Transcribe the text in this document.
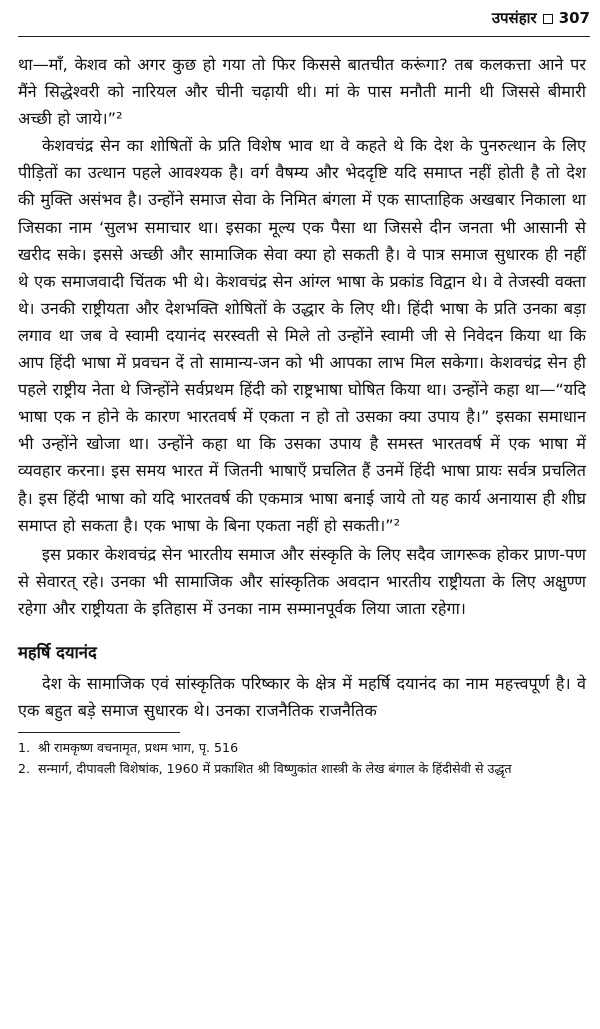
उपसंहार 307

था—माँ, केशव को अगर कुछ हो गया तो फिर किससे बातचीत करूंगा? तब कलकत्ता आने पर मैंने सिद्धेश्वरी को नारियल और चीनी चढ़ायी थी। मां के पास मनौती मानी थी जिससे बीमारी अच्छी हो जाये।”²

केशवचंद्र सेन का शोषितों के प्रति विशेष भाव था वे कहते थे कि देश के पुनरुत्थान के लिए पीड़ितों का उत्थान पहले आवश्यक है। वर्ग वैषम्य और भेददृष्टि यदि समाप्त नहीं होती है तो देश की मुक्ति असंभव है। उन्होंने समाज सेवा के निमित बंगला में एक साप्ताहिक अखबार निकाला था जिसका नाम ‘सुलभ समाचार था। इसका मूल्य एक पैसा था जिससे दीन जनता भी आसानी से खरीद सके। इससे अच्छी और सामाजिक सेवा क्या हो सकती है। वे पात्र समाज सुधारक ही नहीं थे एक समाजवादी चिंतक भी थे। केशवचंद्र सेन आंग्ल भाषा के प्रकांड विद्वान थे। वे तेजस्वी वक्ता थे। उनकी राष्ट्रीयता और देशभक्ति शोषितों के उद्धार के लिए थी। हिंदी भाषा के प्रति उनका बड़ा लगाव था जब वे स्वामी दयानंद सरस्वती से मिले तो उन्होंने स्वामी जी से निवेदन किया था कि आप हिंदी भाषा में प्रवचन दें तो सामान्य-जन को भी आपका लाभ मिल सकेगा। केशवचंद्र सेन ही पहले राष्ट्रीय नेता थे जिन्होंने सर्वप्रथम हिंदी को राष्ट्रभाषा घोषित किया था। उन्होंने कहा था—“यदि भाषा एक न होने के कारण भारतवर्ष में एकता न हो तो उसका क्या उपाय है।” इसका समाधान भी उन्होंने खोजा था। उन्होंने कहा था कि उसका उपाय है समस्त भारतवर्ष में एक भाषा में व्यवहार करना। इस समय भारत में जितनी भाषाएँ प्रचलित हैं उनमें हिंदी भाषा प्रायः सर्वत्र प्रचलित है। इस हिंदी भाषा को यदि भारतवर्ष की एकमात्र भाषा बनाई जाये तो यह कार्य अनायास ही शीघ्र समाप्त हो सकता है। एक भाषा के बिना एकता नहीं हो सकती।”²

इस प्रकार केशवचंद्र सेन भारतीय समाज और संस्कृति के लिए सदैव जागरूक होकर प्राण-पण से सेवारत् रहे। उनका भी सामाजिक और सांस्कृतिक अवदान भारतीय राष्ट्रीयता के लिए अक्षुण्ण रहेगा और राष्ट्रीयता के इतिहास में उनका नाम सम्मानपूर्वक लिया जाता रहेगा।

महर्षि दयानंद

देश के सामाजिक एवं सांस्कृतिक परिष्कार के क्षेत्र में महर्षि दयानंद का नाम महत्त्वपूर्ण है। वे एक बहुत बड़े समाज सुधारक थे। उनका राजनैतिक राजनैतिक

1. श्री रामकृष्ण वचनामृत, प्रथम भाग, पृ. 516
2. सन्मार्ग, दीपावली विशेषांक, 1960 में प्रकाशित श्री विष्णुकांत शास्त्री के लेख बंगाल के हिंदीसेवी से उद्धृत
